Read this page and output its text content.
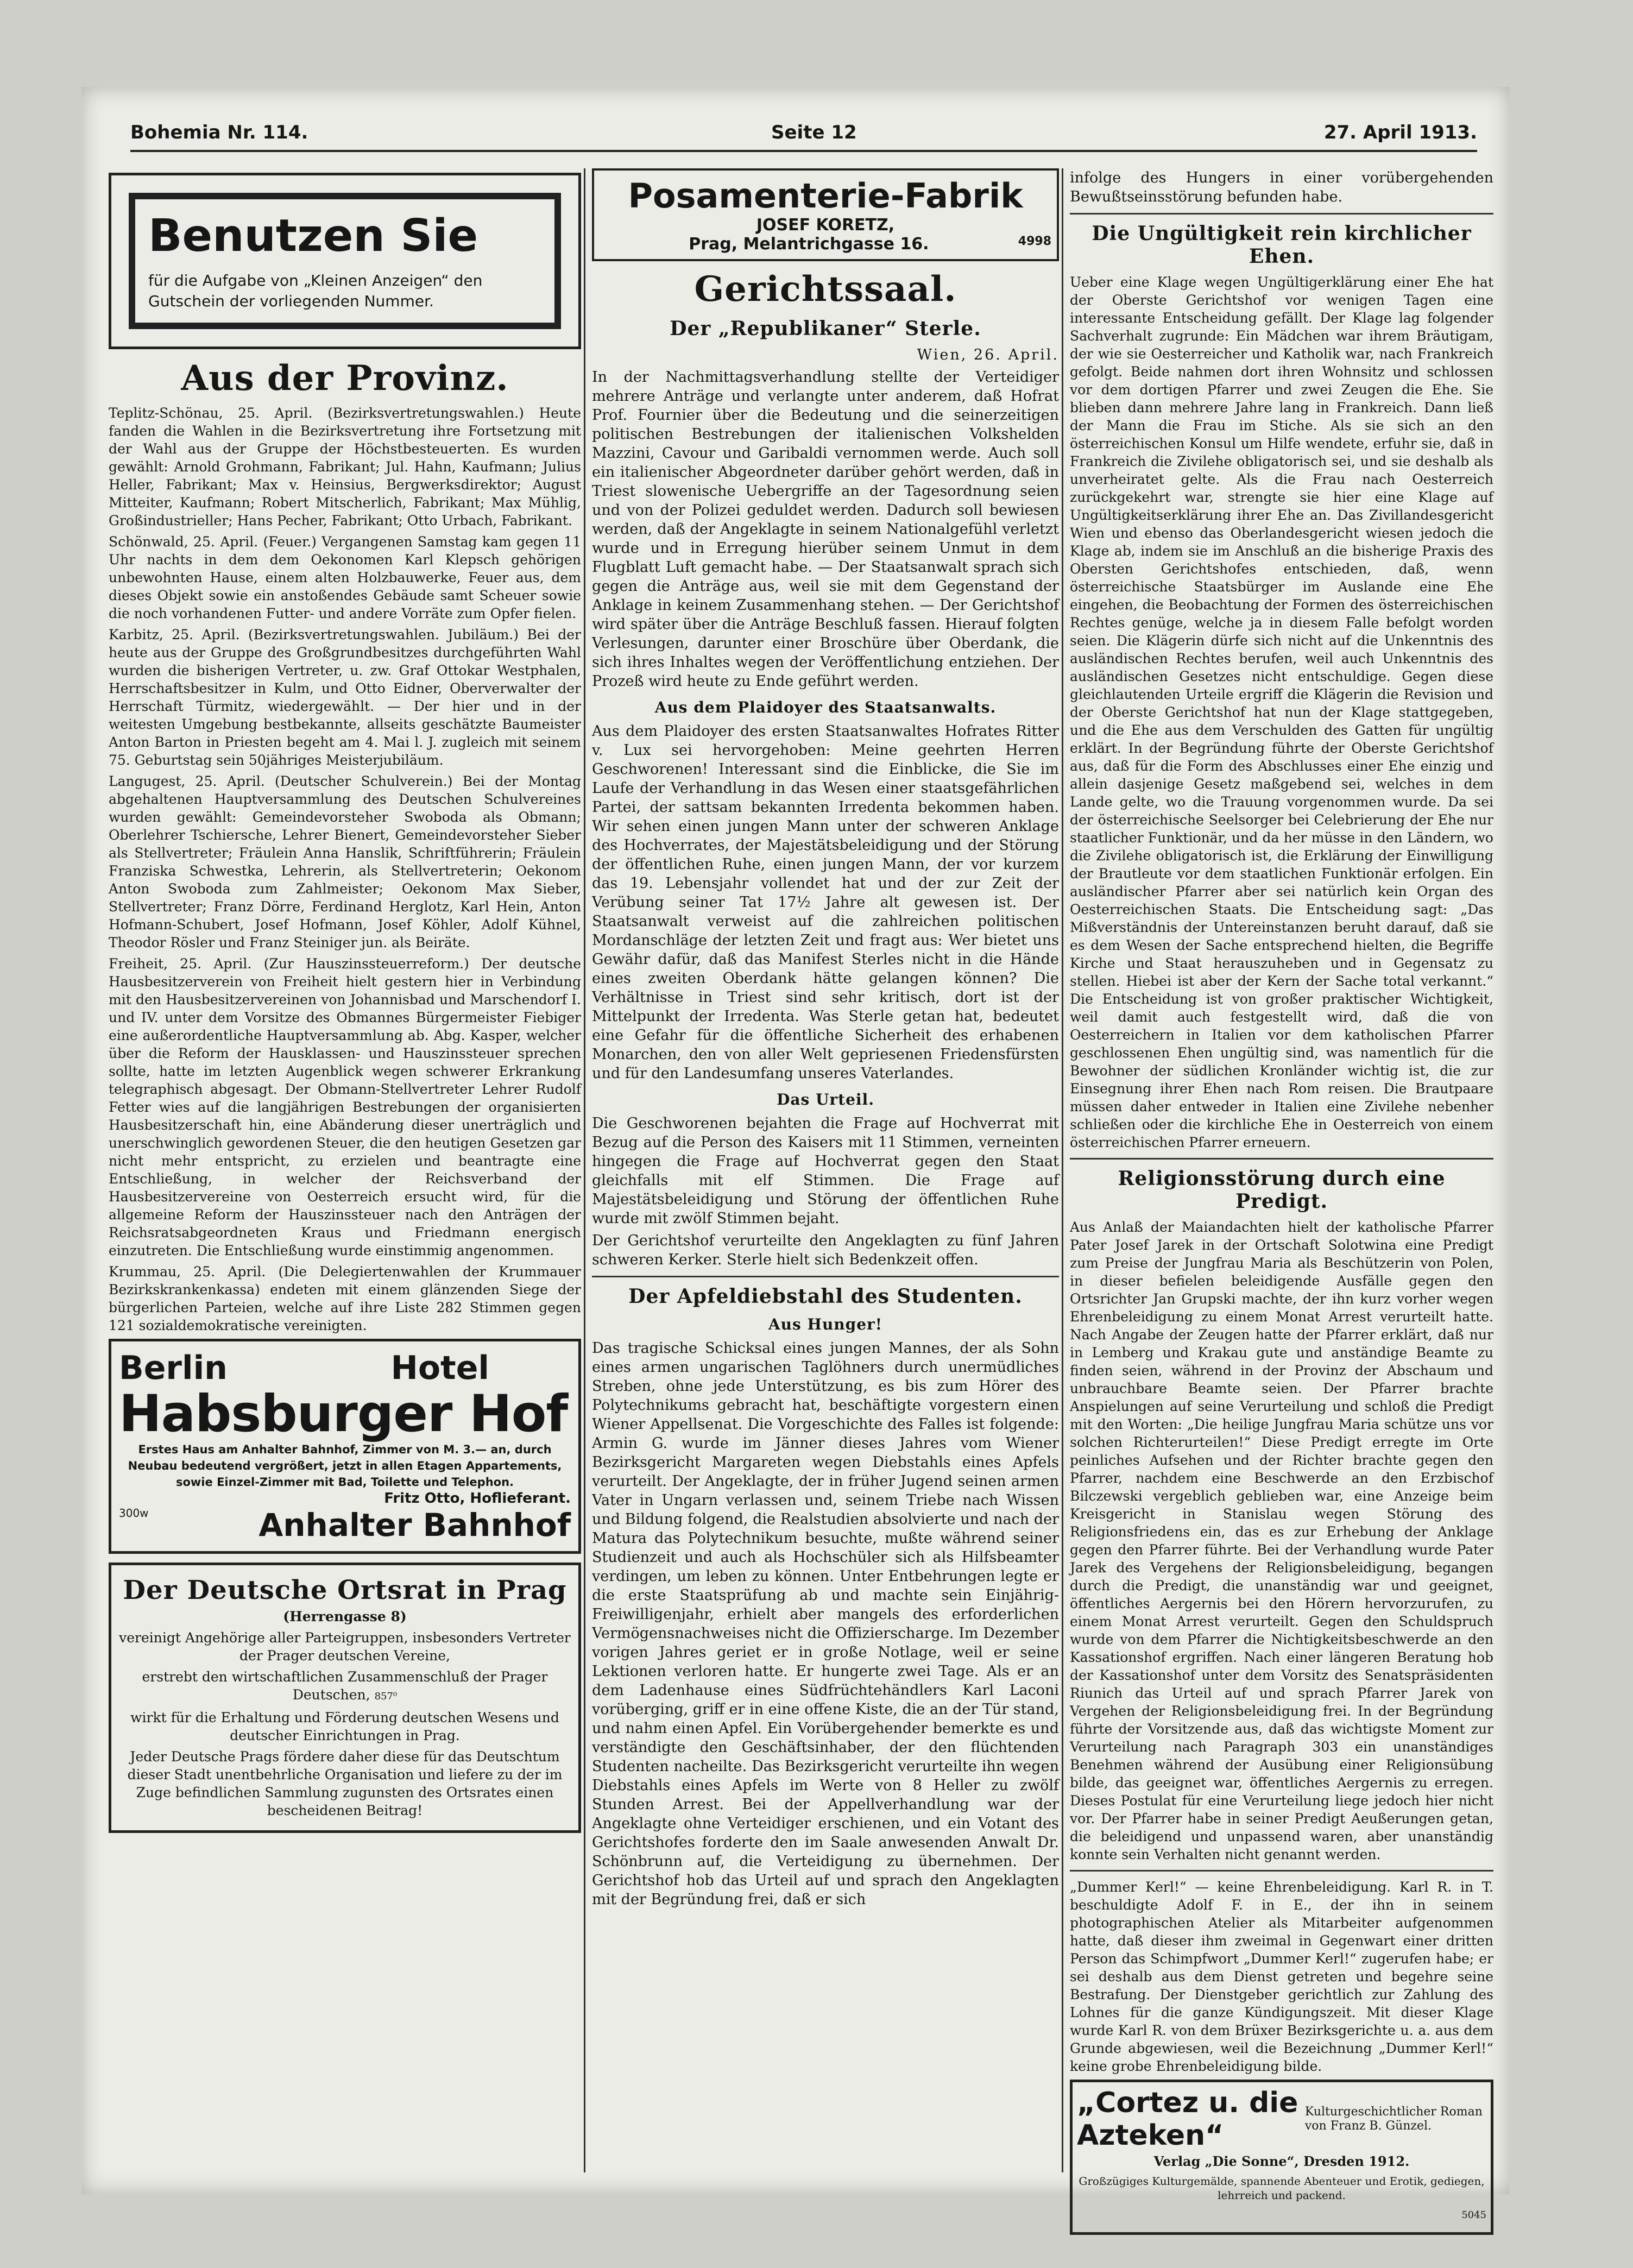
Bohemia Nr. 114.	Seite 12	27. April 1913.
Benutzen Sie
für die Aufgabe von „Kleinen Anzeigen“ den Gutschein der vorliegenden Nummer.
Aus der Provinz.

Teplitz-Schönau, 25. April. (Bezirksvertretungswahlen.) Heute fanden die Wahlen in die Bezirksvertretung ihre Fortsetzung mit der Wahl aus der Gruppe der Höchstbesteuerten. Es wurden gewählt: Arnold Grohmann, Fabrikant; Jul. Hahn, Kaufmann; Julius Heller, Fabrikant; Max v. Heinsius, Bergwerksdirektor; August Mitteiter, Kaufmann; Robert Mitscherlich, Fabrikant; Max Mühlig, Großindustrieller; Hans Pecher, Fabrikant; Otto Urbach, Fabrikant.

Schönwald, 25. April. (Feuer.) Vergangenen Samstag kam gegen 11 Uhr nachts in dem dem Oekonomen Karl Klepsch gehörigen unbewohnten Hause, einem alten Holzbauwerke, Feuer aus, dem dieses Objekt sowie ein anstoßendes Gebäude samt Scheuer sowie die noch vorhandenen Futter- und andere Vorräte zum Opfer fielen.

Karbitz, 25. April. (Bezirksvertretungswahlen. Jubiläum.) Bei der heute aus der Gruppe des Großgrundbesitzes durchgeführten Wahl wurden die bisherigen Vertreter, u. zw. Graf Ottokar Westphalen, Herrschaftsbesitzer in Kulm, und Otto Eidner, Oberverwalter der Herrschaft Türmitz, wiedergewählt. — Der hier und in der weitesten Umgebung bestbekannte, allseits geschätzte Baumeister Anton Barton in Priesten begeht am 4. Mai l. J. zugleich mit seinem 75. Geburtstag sein 50jähriges Meisterjubiläum.

Langugest, 25. April. (Deutscher Schulverein.) Bei der Montag abgehaltenen Hauptversammlung des Deutschen Schulvereines wurden gewählt: Gemeindevorsteher Swoboda als Obmann; Oberlehrer Tschiersche, Lehrer Bienert, Gemeindevorsteher Sieber als Stellvertreter; Fräulein Anna Hanslik, Schriftführerin; Fräulein Franziska Schwestka, Lehrerin, als Stellvertreterin; Oekonom Anton Swoboda zum Zahlmeister; Oekonom Max Sieber, Stellvertreter; Franz Dörre, Ferdinand Herglotz, Karl Hein, Anton Hofmann-Schubert, Josef Hofmann, Josef Köhler, Adolf Kühnel, Theodor Rösler und Franz Steiniger jun. als Beiräte.

Freiheit, 25. April. (Zur Hauszinssteuerreform.) Der deutsche Hausbesitzerverein von Freiheit hielt gestern hier in Verbindung mit den Hausbesitzervereinen von Johannisbad und Marschendorf I. und IV. unter dem Vorsitze des Obmannes Bürgermeister Fiebiger eine außerordentliche Hauptversammlung ab. Abg. Kasper, welcher über die Reform der Hausklassen- und Hauszinssteuer sprechen sollte, hatte im letzten Augenblick wegen schwerer Erkrankung telegraphisch abgesagt. Der Obmann-Stellvertreter Lehrer Rudolf Fetter wies auf die langjährigen Bestrebungen der organisierten Hausbesitzerschaft hin, eine Abänderung dieser unerträglich und unerschwinglich gewordenen Steuer, die den heutigen Gesetzen gar nicht mehr entspricht, zu erzielen und beantragte eine Entschließung, in welcher der Reichsverband der Hausbesitzervereine von Oesterreich ersucht wird, für die allgemeine Reform der Hauszinssteuer nach den Anträgen der Reichsratsabgeordneten Kraus und Friedmann energisch einzutreten. Die Entschließung wurde einstimmig angenommen.

Krummau, 25. April. (Die Delegiertenwahlen der Krummauer Bezirkskrankenkassa) endeten mit einem glänzenden Siege der bürgerlichen Parteien, welche auf ihre Liste 282 Stimmen gegen 121 sozialdemokratische vereinigten.

Berlin	Hotel
Habsburger Hof
Erstes Haus am Anhalter Bahnhof, Zimmer von M. 3.— an, durch Neubau bedeutend vergrößert, jetzt in allen Etagen Appartements, sowie Einzel-Zimmer mit Bad, Toilette und Telephon.
Fritz Otto, Hoflieferant.
300w	Anhalter Bahnhof
Der Deutsche Ortsrat in Prag

(Herrengasse 8)

vereinigt Angehörige aller Parteigruppen, insbesonders Vertreter der Prager deutschen Vereine,

erstrebt den wirtschaftlichen Zusammenschluß der Prager Deutschen, 857⁰

wirkt für die Erhaltung und Förderung deutschen Wesens und deutscher Einrichtungen in Prag.

Jeder Deutsche Prags fördere daher diese für das Deutschtum dieser Stadt unentbehrliche Organisation und liefere zu der im Zuge befindlichen Sammlung zugunsten des Ortsrates einen bescheidenen Beitrag!

Posamenterie-Fabrik
JOSEF KORETZ,
Prag, Melantrichgasse 16.	4998
Gerichtssaal.
Der „Republikaner“ Sterle.

Wien, 26. April.

In der Nachmittagsverhandlung stellte der Verteidiger mehrere Anträge und verlangte unter anderem, daß Hofrat Prof. Fournier über die Bedeutung und die seinerzeitigen politischen Bestrebungen der italienischen Volkshelden Mazzini, Cavour und Garibaldi vernommen werde. Auch soll ein italienischer Abgeordneter darüber gehört werden, daß in Triest slowenische Uebergriffe an der Tagesordnung seien und von der Polizei geduldet werden. Dadurch soll bewiesen werden, daß der Angeklagte in seinem Nationalgefühl verletzt wurde und in Erregung hierüber seinem Unmut in dem Flugblatt Luft gemacht habe. — Der Staatsanwalt sprach sich gegen die Anträge aus, weil sie mit dem Gegenstand der Anklage in keinem Zusammenhang stehen. — Der Gerichtshof wird später über die Anträge Beschluß fassen. Hierauf folgten Verlesungen, darunter einer Broschüre über Oberdank, die sich ihres Inhaltes wegen der Veröffentlichung entziehen. Der Prozeß wird heute zu Ende geführt werden.

Aus dem Plaidoyer des Staatsanwalts.

Aus dem Plaidoyer des ersten Staatsanwaltes Hofrates Ritter v. Lux sei hervorgehoben: Meine geehrten Herren Geschworenen! Interessant sind die Einblicke, die Sie im Laufe der Verhandlung in das Wesen einer staatsgefährlichen Partei, der sattsam bekannten Irredenta bekommen haben. Wir sehen einen jungen Mann unter der schweren Anklage des Hochverrates, der Majestätsbeleidigung und der Störung der öffentlichen Ruhe, einen jungen Mann, der vor kurzem das 19. Lebensjahr vollendet hat und der zur Zeit der Verübung seiner Tat 17½ Jahre alt gewesen ist. Der Staatsanwalt verweist auf die zahlreichen politischen Mordanschläge der letzten Zeit und fragt aus: Wer bietet uns Gewähr dafür, daß das Manifest Sterles nicht in die Hände eines zweiten Oberdank hätte gelangen können? Die Verhältnisse in Triest sind sehr kritisch, dort ist der Mittelpunkt der Irredenta. Was Sterle getan hat, bedeutet eine Gefahr für die öffentliche Sicherheit des erhabenen Monarchen, den von aller Welt gepriesenen Friedensfürsten und für den Landesumfang unseres Vaterlandes.

Das Urteil.

Die Geschworenen bejahten die Frage auf Hochverrat mit Bezug auf die Person des Kaisers mit 11 Stimmen, verneinten hingegen die Frage auf Hochverrat gegen den Staat gleichfalls mit elf Stimmen. Die Frage auf Majestätsbeleidigung und Störung der öffentlichen Ruhe wurde mit zwölf Stimmen bejaht.

Der Gerichtshof verurteilte den Angeklagten zu fünf Jahren schweren Kerker. Sterle hielt sich Bedenkzeit offen.

Der Apfeldiebstahl des Studenten.
Aus Hunger!

Das tragische Schicksal eines jungen Mannes, der als Sohn eines armen ungarischen Taglöhners durch unermüdliches Streben, ohne jede Unterstützung, es bis zum Hörer des Polytechnikums gebracht hat, beschäftigte vorgestern einen Wiener Appellsenat. Die Vorgeschichte des Falles ist folgende: Armin G. wurde im Jänner dieses Jahres vom Wiener Bezirksgericht Margareten wegen Diebstahls eines Apfels verurteilt. Der Angeklagte, der in früher Jugend seinen armen Vater in Ungarn verlassen und, seinem Triebe nach Wissen und Bildung folgend, die Realstudien absolvierte und nach der Matura das Polytechnikum besuchte, mußte während seiner Studienzeit und auch als Hochschüler sich als Hilfsbeamter verdingen, um leben zu können. Unter Entbehrungen legte er die erste Staatsprüfung ab und machte sein Einjährig-Freiwilligenjahr, erhielt aber mangels des erforderlichen Vermögensnachweises nicht die Offizierscharge. Im Dezember vorigen Jahres geriet er in große Notlage, weil er seine Lektionen verloren hatte. Er hungerte zwei Tage. Als er an dem Ladenhause eines Südfrüchtehändlers Karl Laconi vorüberging, griff er in eine offene Kiste, die an der Tür stand, und nahm einen Apfel. Ein Vorübergehender bemerkte es und verständigte den Geschäftsinhaber, der den flüchtenden Studenten nacheilte. Das Bezirksgericht verurteilte ihn wegen Diebstahls eines Apfels im Werte von 8 Heller zu zwölf Stunden Arrest. Bei der Appellverhandlung war der Angeklagte ohne Verteidiger erschienen, und ein Votant des Gerichtshofes forderte den im Saale anwesenden Anwalt Dr. Schönbrunn auf, die Verteidigung zu übernehmen. Der Gerichtshof hob das Urteil auf und sprach den Angeklagten mit der Begründung frei, daß er sich

infolge des Hungers in einer vorübergehenden Bewußtseinsstörung befunden habe.

Die Ungültigkeit rein kirchlicher Ehen.

Ueber eine Klage wegen Ungültigerklärung einer Ehe hat der Oberste Gerichtshof vor wenigen Tagen eine interessante Entscheidung gefällt. Der Klage lag folgender Sachverhalt zugrunde: Ein Mädchen war ihrem Bräutigam, der wie sie Oesterreicher und Katholik war, nach Frankreich gefolgt. Beide nahmen dort ihren Wohnsitz und schlossen vor dem dortigen Pfarrer und zwei Zeugen die Ehe. Sie blieben dann mehrere Jahre lang in Frankreich. Dann ließ der Mann die Frau im Stiche. Als sie sich an den österreichischen Konsul um Hilfe wendete, erfuhr sie, daß in Frankreich die Zivilehe obligatorisch sei, und sie deshalb als unverheiratet gelte. Als die Frau nach Oesterreich zurückgekehrt war, strengte sie hier eine Klage auf Ungültigkeitserklärung ihrer Ehe an. Das Zivillandesgericht Wien und ebenso das Oberlandesgericht wiesen jedoch die Klage ab, indem sie im Anschluß an die bisherige Praxis des Obersten Gerichtshofes entschieden, daß, wenn österreichische Staatsbürger im Auslande eine Ehe eingehen, die Beobachtung der Formen des österreichischen Rechtes genüge, welche ja in diesem Falle befolgt worden seien. Die Klägerin dürfe sich nicht auf die Unkenntnis des ausländischen Rechtes berufen, weil auch Unkenntnis des ausländischen Gesetzes nicht entschuldige. Gegen diese gleichlautenden Urteile ergriff die Klägerin die Revision und der Oberste Gerichtshof hat nun der Klage stattgegeben, und die Ehe aus dem Verschulden des Gatten für ungültig erklärt. In der Begründung führte der Oberste Gerichtshof aus, daß für die Form des Abschlusses einer Ehe einzig und allein dasjenige Gesetz maßgebend sei, welches in dem Lande gelte, wo die Trauung vorgenommen wurde. Da sei der österreichische Seelsorger bei Celebrierung der Ehe nur staatlicher Funktionär, und da her müsse in den Ländern, wo die Zivilehe obligatorisch ist, die Erklärung der Einwilligung der Brautleute vor dem staatlichen Funktionär erfolgen. Ein ausländischer Pfarrer aber sei natürlich kein Organ des Oesterreichischen Staats. Die Entscheidung sagt: „Das Mißverständnis der Untereinstanzen beruht darauf, daß sie es dem Wesen der Sache entsprechend hielten, die Begriffe Kirche und Staat herauszuheben und in Gegensatz zu stellen. Hiebei ist aber der Kern der Sache total verkannt.“ Die Entscheidung ist von großer praktischer Wichtigkeit, weil damit auch festgestellt wird, daß die von Oesterreichern in Italien vor dem katholischen Pfarrer geschlossenen Ehen ungültig sind, was namentlich für die Bewohner der südlichen Kronländer wichtig ist, die zur Einsegnung ihrer Ehen nach Rom reisen. Die Brautpaare müssen daher entweder in Italien eine Zivilehe nebenher schließen oder die kirchliche Ehe in Oesterreich von einem österreichischen Pfarrer erneuern.

Religionsstörung durch eine Predigt.

Aus Anlaß der Maiandachten hielt der katholische Pfarrer Pater Josef Jarek in der Ortschaft Solotwina eine Predigt zum Preise der Jungfrau Maria als Beschützerin von Polen, in dieser befielen beleidigende Ausfälle gegen den Ortsrichter Jan Grupski machte, der ihn kurz vorher wegen Ehrenbeleidigung zu einem Monat Arrest verurteilt hatte. Nach Angabe der Zeugen hatte der Pfarrer erklärt, daß nur in Lemberg und Krakau gute und anständige Beamte zu finden seien, während in der Provinz der Abschaum und unbrauchbare Beamte seien. Der Pfarrer brachte Anspielungen auf seine Verurteilung und schloß die Predigt mit den Worten: „Die heilige Jungfrau Maria schütze uns vor solchen Richterurteilen!“ Diese Predigt erregte im Orte peinliches Aufsehen und der Richter brachte gegen den Pfarrer, nachdem eine Beschwerde an den Erzbischof Bilczewski vergeblich geblieben war, eine Anzeige beim Kreisgericht in Stanislau wegen Störung des Religionsfriedens ein, das es zur Erhebung der Anklage gegen den Pfarrer führte. Bei der Verhandlung wurde Pater Jarek des Vergehens der Religionsbeleidigung, begangen durch die Predigt, die unanständig war und geeignet, öffentliches Aergernis bei den Hörern hervorzurufen, zu einem Monat Arrest verurteilt. Gegen den Schuldspruch wurde von dem Pfarrer die Nichtigkeitsbeschwerde an den Kassationshof ergriffen. Nach einer längeren Beratung hob der Kassationshof unter dem Vorsitz des Senatspräsidenten Riunich das Urteil auf und sprach Pfarrer Jarek von Vergehen der Religionsbeleidigung frei. In der Begründung führte der Vorsitzende aus, daß das wichtigste Moment zur Verurteilung nach Paragraph 303 ein unanständiges Benehmen während der Ausübung einer Religionsübung bilde, das geeignet war, öffentliches Aergernis zu erregen. Dieses Postulat für eine Verurteilung liege jedoch hier nicht vor. Der Pfarrer habe in seiner Predigt Aeußerungen getan, die beleidigend und unpassend waren, aber unanständig konnte sein Verhalten nicht genannt werden.

„Dummer Kerl!“ — keine Ehrenbeleidigung. Karl R. in T. beschuldigte Adolf F. in E., der ihn in seinem photographischen Atelier als Mitarbeiter aufgenommen hatte, daß dieser ihm zweimal in Gegenwart einer dritten Person das Schimpfwort „Dummer Kerl!“ zugerufen habe; er sei deshalb aus dem Dienst getreten und begehre seine Bestrafung. Der Dienstgeber gerichtlich zur Zahlung des Lohnes für die ganze Kündigungszeit. Mit dieser Klage wurde Karl R. von dem Brüxer Bezirksgerichte u. a. aus dem Grunde abgewiesen, weil die Bezeichnung „Dummer Kerl!“ keine grobe Ehrenbeleidigung bilde.

„Cortez u. die Azteken“
Kulturgeschichtlicher Roman von Franz B. Günzel.

Verlag „Die Sonne“, Dresden 1912.

Großzügiges Kulturgemälde, spannende Abenteuer und Erotik, gediegen, lehrreich und packend.

5045
